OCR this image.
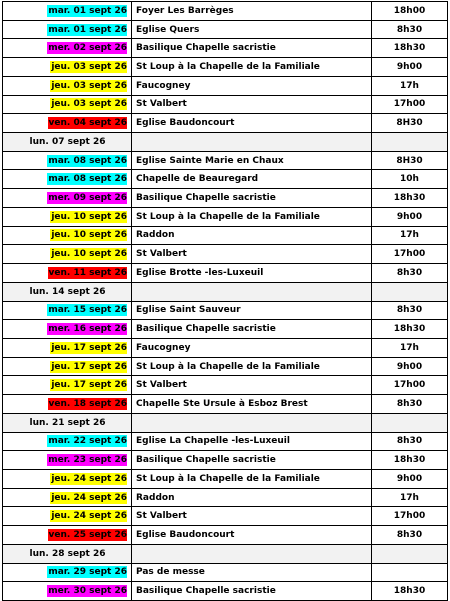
mar. 01 sept 26	Foyer Les Barrèges	18h00
mar. 01 sept 26	Eglise Quers	8h30
mer. 02 sept 26	Basilique Chapelle sacristie	18h30
jeu. 03 sept 26	St Loup à la Chapelle de la Familiale	9h00
jeu. 03 sept 26	Faucogney	17h
jeu. 03 sept 26	St Valbert	17h00
ven. 04 sept 26	Eglise Baudoncourt	8H30
lun. 07 sept 26		
mar. 08 sept 26	Eglise Sainte Marie en Chaux	8H30
mar. 08 sept 26	Chapelle de Beauregard	10h
mer. 09 sept 26	Basilique Chapelle sacristie	18h30
jeu. 10 sept 26	St Loup à la Chapelle de la Familiale	9h00
jeu. 10 sept 26	Raddon	17h
jeu. 10 sept 26	St Valbert	17h00
ven. 11 sept 26	Eglise Brotte -les-Luxeuil	8h30
lun. 14 sept 26		
mar. 15 sept 26	Eglise Saint Sauveur	8h30
mer. 16 sept 26	Basilique Chapelle sacristie	18h30
jeu. 17 sept 26	Faucogney	17h
jeu. 17 sept 26	St Loup à la Chapelle de la Familiale	9h00
jeu. 17 sept 26	St Valbert	17h00
ven. 18 sept 26	Chapelle Ste Ursule à Esboz Brest	8h30
lun. 21 sept 26		
mar. 22 sept 26	Eglise La Chapelle -les-Luxeuil	8h30
mer. 23 sept 26	Basilique Chapelle sacristie	18h30
jeu. 24 sept 26	St Loup à la Chapelle de la Familiale	9h00
jeu. 24 sept 26	Raddon	17h
jeu. 24 sept 26	St Valbert	17h00
ven. 25 sept 26	Eglise Baudoncourt	8h30
lun. 28 sept 26		
mar. 29 sept 26	Pas de messe	
mer. 30 sept 26	Basilique Chapelle sacristie	18h30
